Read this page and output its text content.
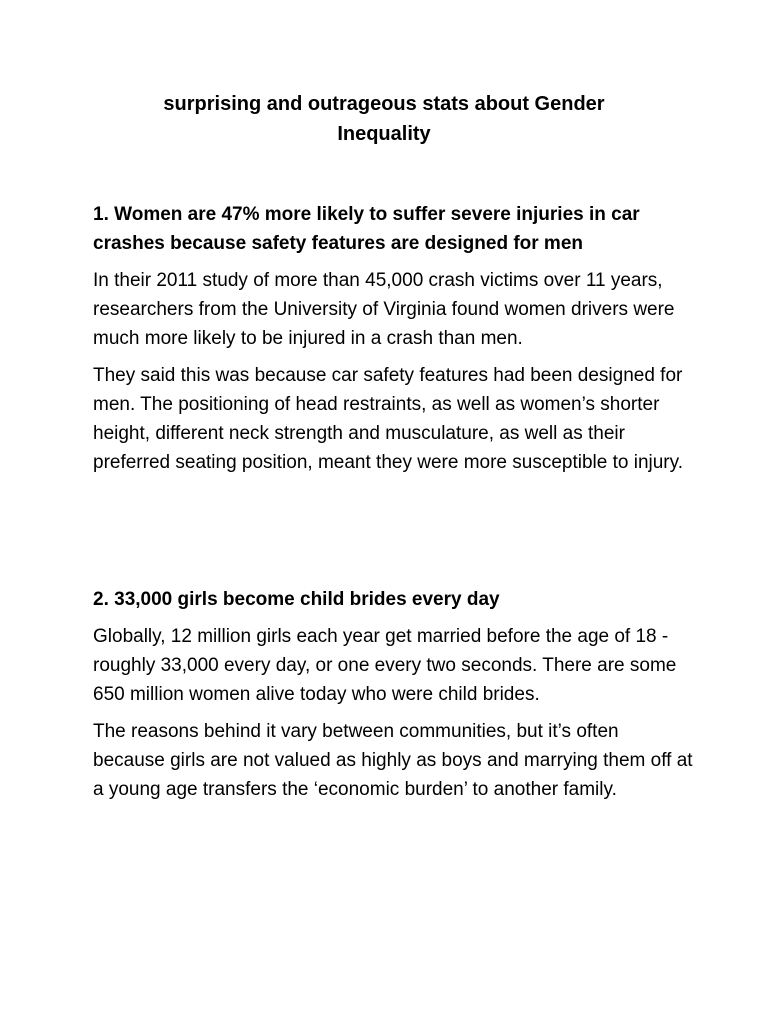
surprising and outrageous stats about Gender Inequality

1. Women are 47% more likely to suffer severe injuries in car crashes because safety features are designed for men

In their 2011 study of more than 45,000 crash victims over 11 years, researchers from the University of Virginia found women drivers were much more likely to be injured in a crash than men.

They said this was because car safety features had been designed for men. The positioning of head restraints, as well as women’s shorter height, different neck strength and musculature, as well as their preferred seating position, meant they were more susceptible to injury.

2. 33,000 girls become child brides every day

Globally, 12 million girls each year get married before the age of 18 - roughly 33,000 every day, or one every two seconds. There are some 650 million women alive today who were child brides.

The reasons behind it vary between communities, but it’s often because girls are not valued as highly as boys and marrying them off at a young age transfers the ‘economic burden’ to another family.
